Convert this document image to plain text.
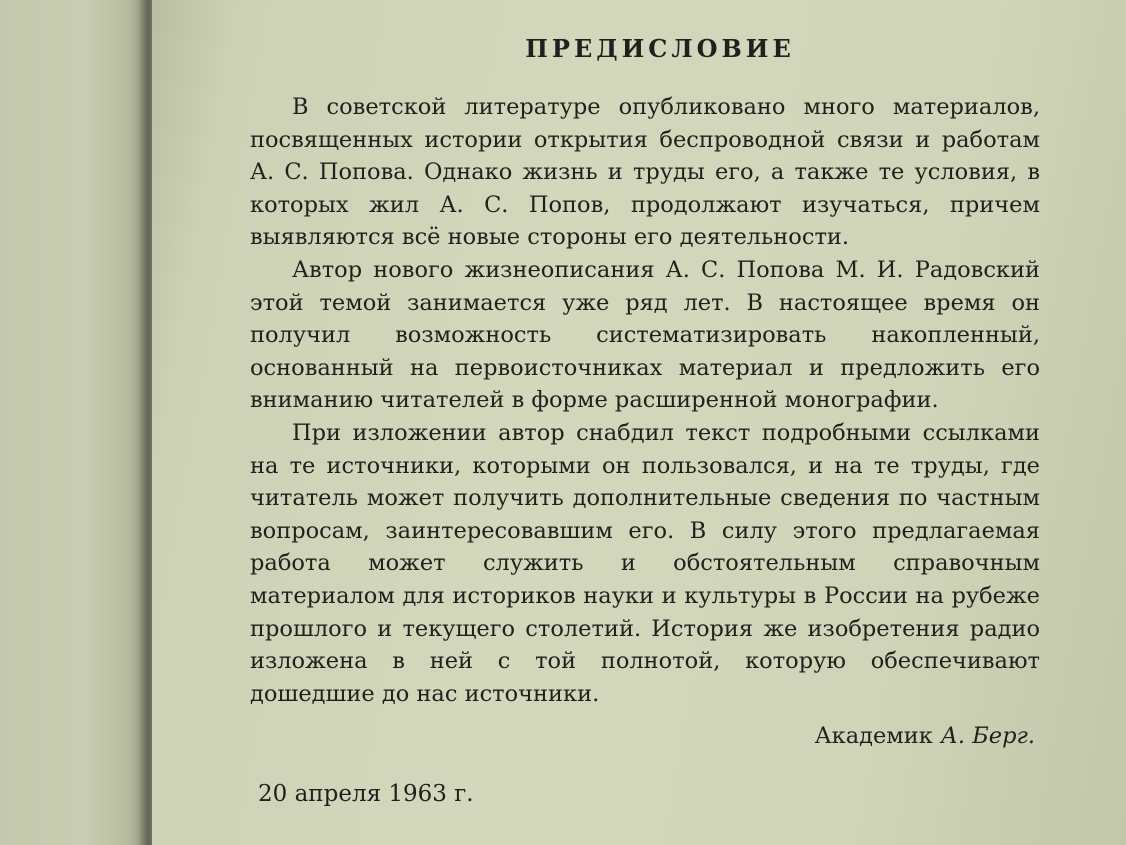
ПРЕДИСЛОВИЕ

В советской литературе опубликовано много материалов, посвященных истории открытия беспроводной связи и работам А. С. Попова. Однако жизнь и труды его, а также те условия, в которых жил А. С. Попов, продолжают изучаться, причем выявляются всё новые стороны его деятельности.

Автор нового жизнеописания А. С. Попова М. И. Радовский этой темой занимается уже ряд лет. В настоящее время он получил возможность систематизировать накопленный, основанный на первоисточниках материал и предложить его вниманию читателей в форме расширенной монографии.

При изложении автор снабдил текст подробными ссылками на те источники, которыми он пользовался, и на те труды, где читатель может получить дополнительные сведения по частным вопросам, заинтересовавшим его. В силу этого предлагаемая работа может служить и обстоятельным справочным материалом для историков науки и культуры в России на рубеже прошлого и текущего столетий. История же изобретения радио изложена в ней с той полнотой, которую обеспечивают дошедшие до нас источники.

Академик А. Берг.
20 апреля 1963 г.
